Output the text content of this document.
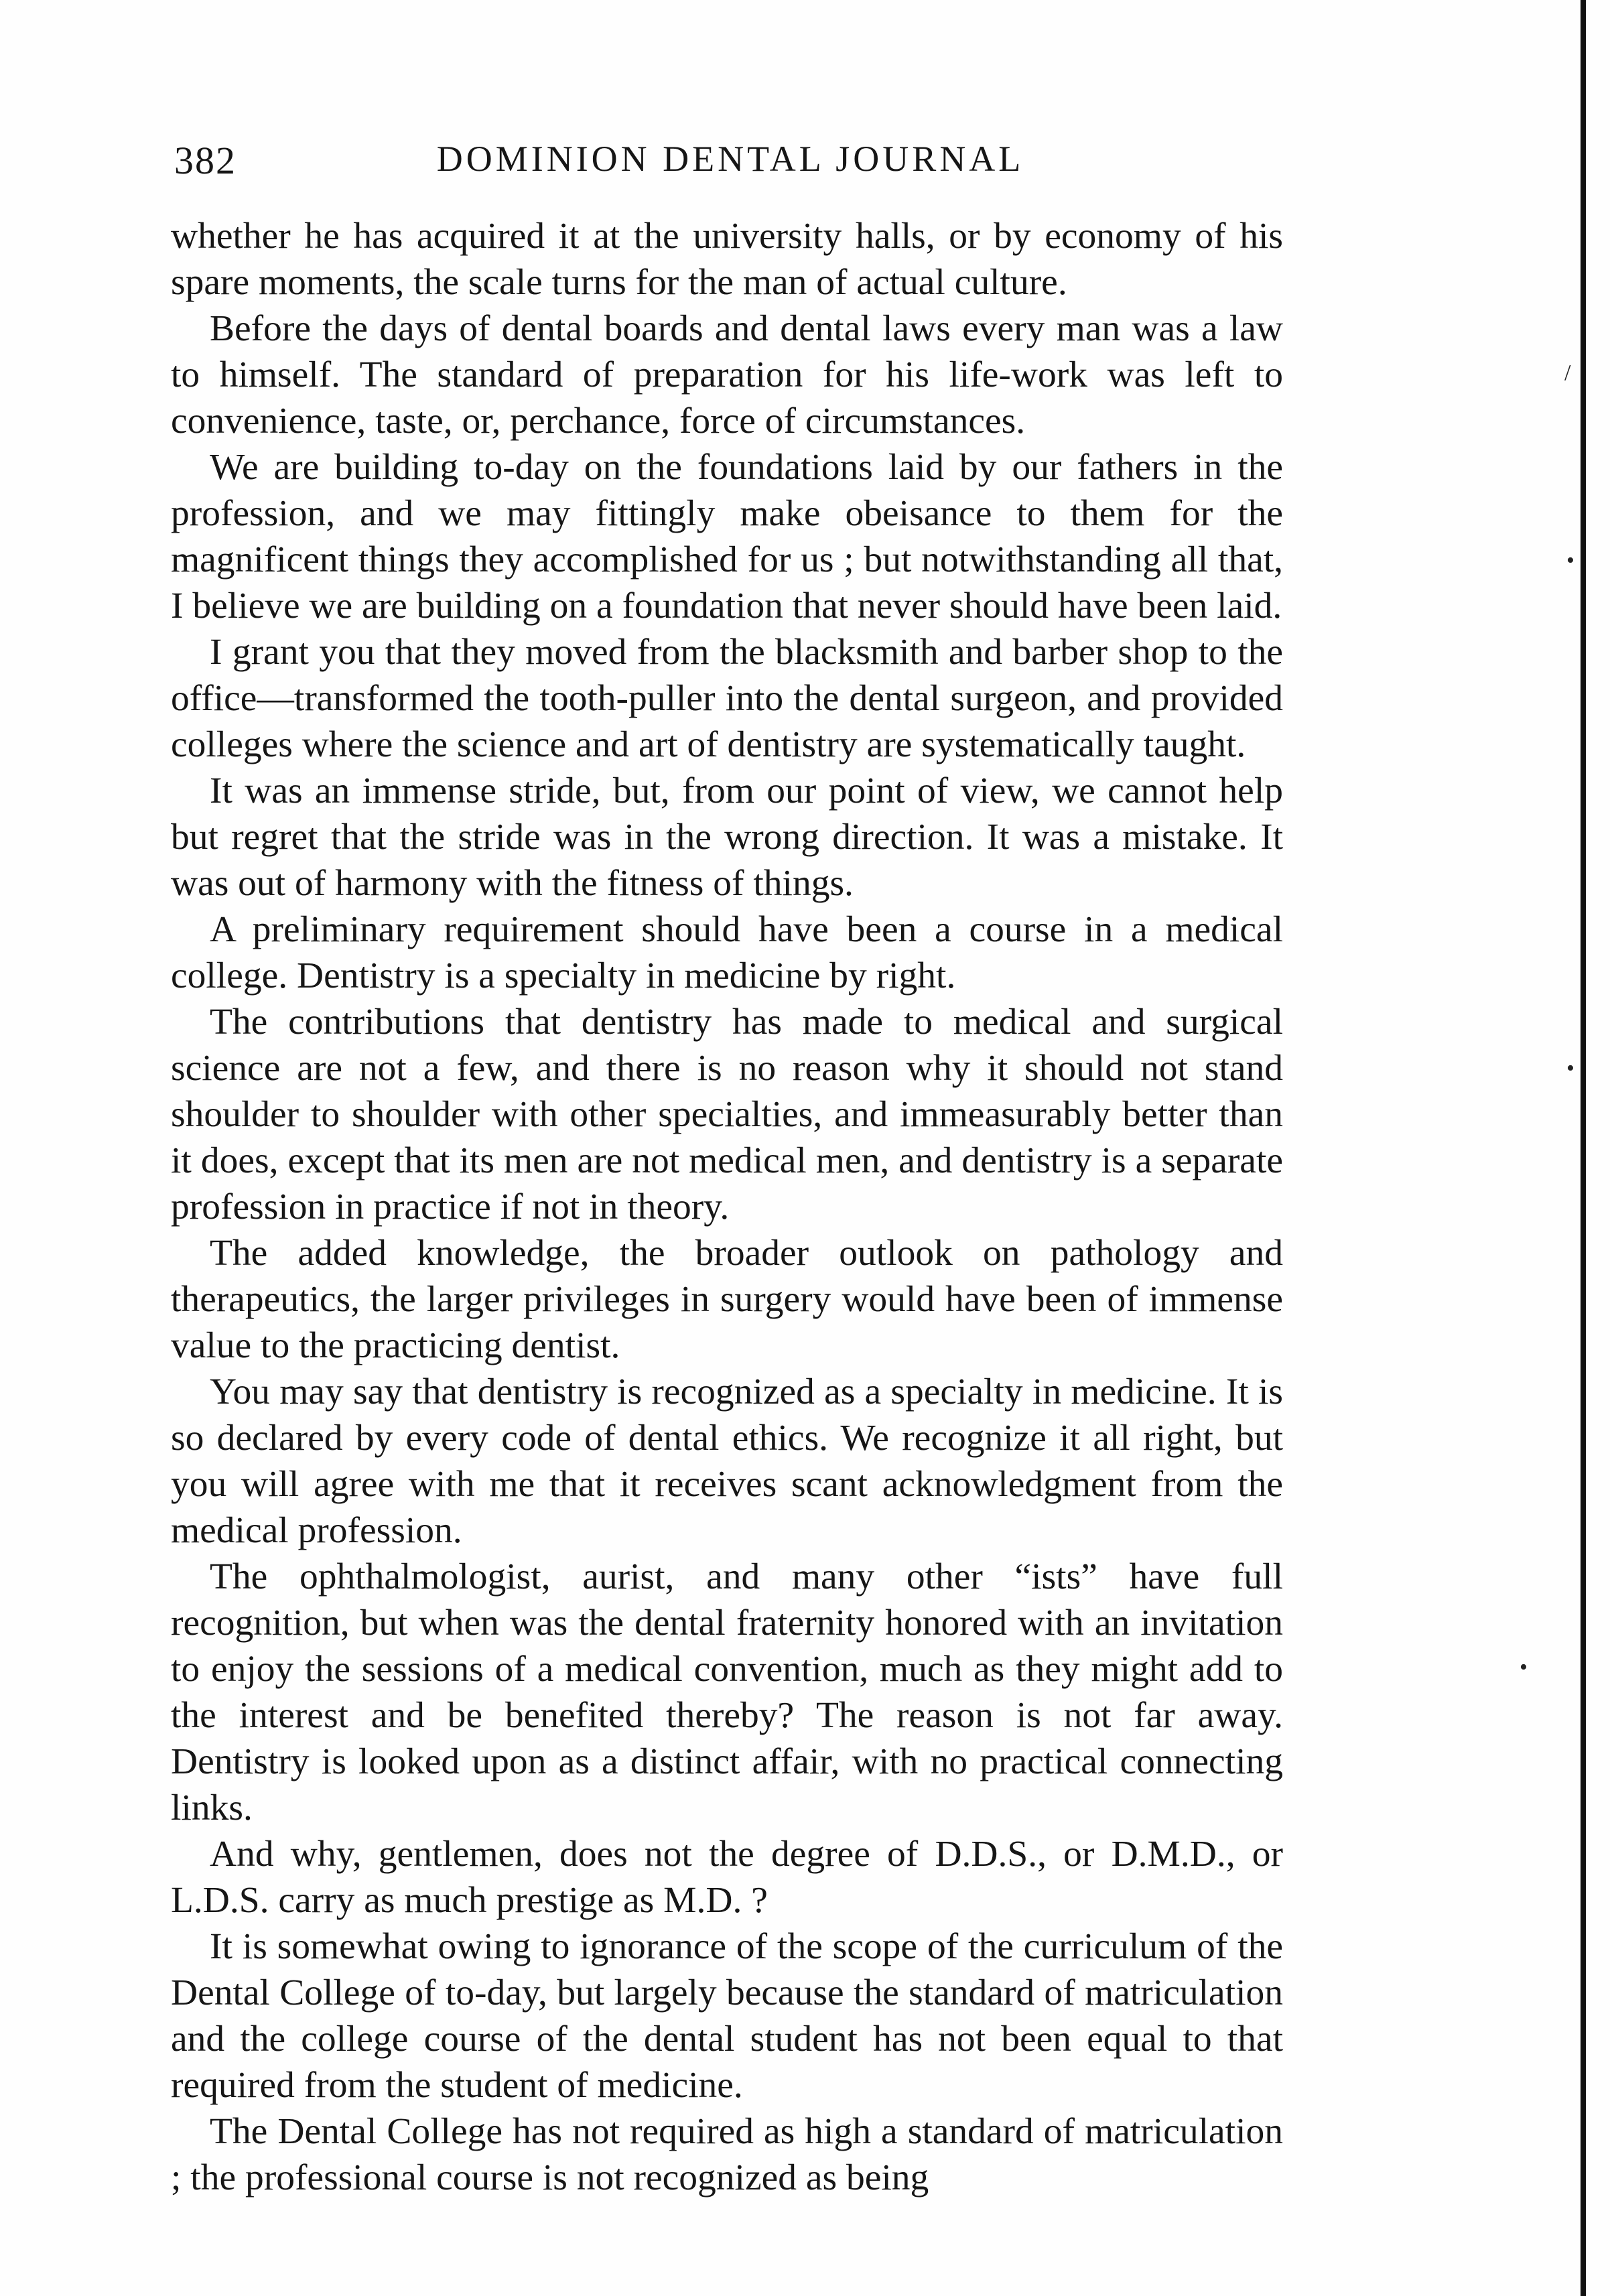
382	DOMINION DENTAL JOURNAL

whether he has acquired it at the university halls, or by economy of his spare moments, the scale turns for the man of actual culture.

Before the days of dental boards and dental laws every man was a law to himself. The standard of preparation for his life-work was left to convenience, taste, or, perchance, force of circumstances.

We are building to-day on the foundations laid by our fathers in the profession, and we may fittingly make obeisance to them for the magnificent things they accomplished for us ; but notwithstanding all that, I believe we are building on a foundation that never should have been laid.

I grant you that they moved from the blacksmith and barber shop to the office—transformed the tooth-puller into the dental surgeon, and provided colleges where the science and art of dentistry are systematically taught.

It was an immense stride, but, from our point of view, we cannot help but regret that the stride was in the wrong direction. It was a mistake. It was out of harmony with the fitness of things.

A preliminary requirement should have been a course in a medical college. Dentistry is a specialty in medicine by right.

The contributions that dentistry has made to medical and surgical science are not a few, and there is no reason why it should not stand shoulder to shoulder with other specialties, and immeasurably better than it does, except that its men are not medical men, and dentistry is a separate profession in practice if not in theory.

The added knowledge, the broader outlook on pathology and therapeutics, the larger privileges in surgery would have been of immense value to the practicing dentist.

You may say that dentistry is recognized as a specialty in medicine. It is so declared by every code of dental ethics. We recognize it all right, but you will agree with me that it receives scant acknowledgment from the medical profession.

The ophthalmologist, aurist, and many other “ists” have full recognition, but when was the dental fraternity honored with an invitation to enjoy the sessions of a medical convention, much as they might add to the interest and be benefited thereby? The reason is not far away. Dentistry is looked upon as a distinct affair, with no practical connecting links.

And why, gentlemen, does not the degree of D.D.S., or D.M.D., or L.D.S. carry as much prestige as M.D. ?

It is somewhat owing to ignorance of the scope of the curriculum of the Dental College of to-day, but largely because the standard of matriculation and the college course of the dental student has not been equal to that required from the student of medicine.

The Dental College has not required as high a standard of matriculation ; the professional course is not recognized as being

/
•
•
•
